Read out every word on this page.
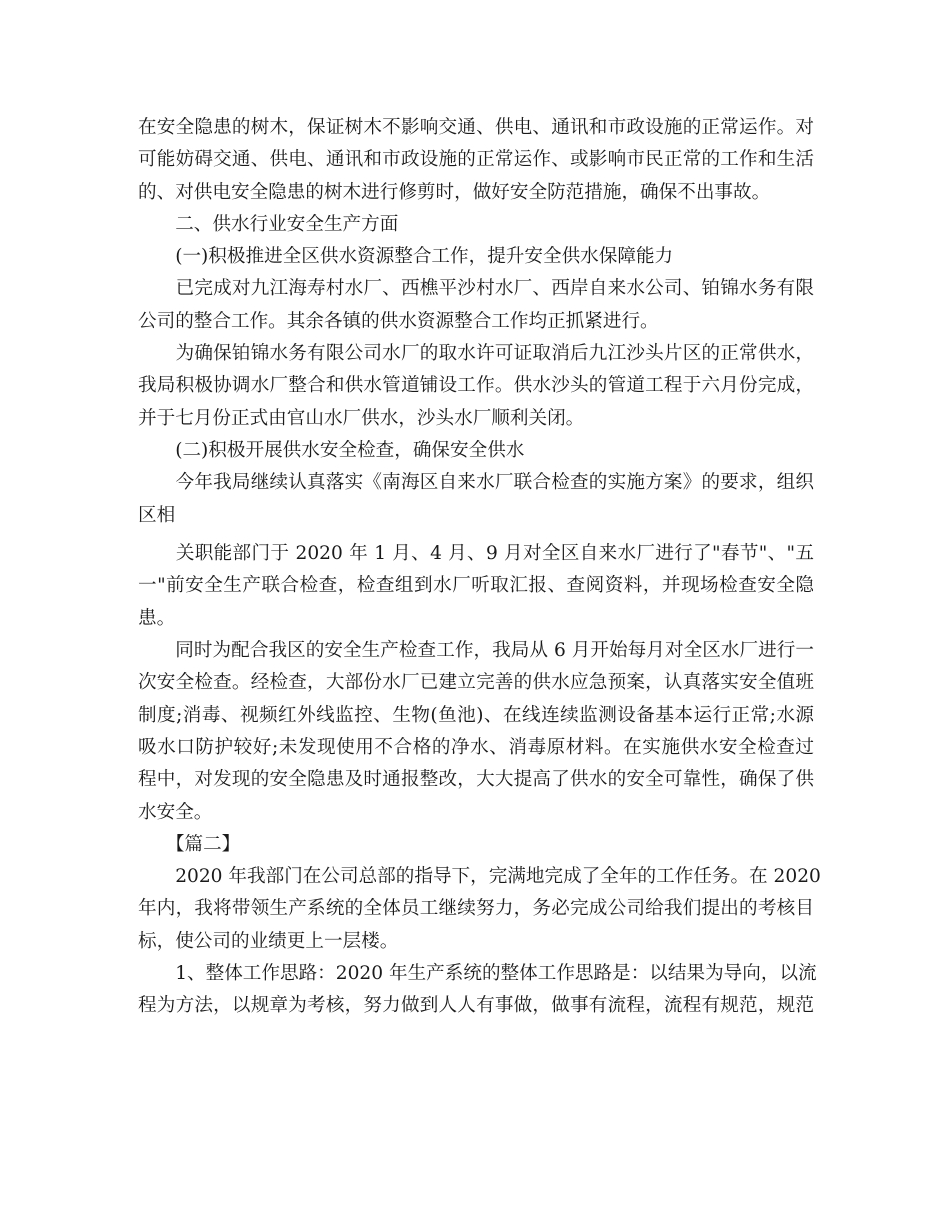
在安全隐患的树木，保证树木不影响交通、供电、通讯和市政设施的正常运作。对
可能妨碍交通、供电、通讯和市政设施的正常运作、或影响市民正常的工作和生活
的、对供电安全隐患的树木进行修剪时，做好安全防范措施，确保不出事故。
　　二、供水行业安全生产方面
　　(一)积极推进全区供水资源整合工作，提升安全供水保障能力
　　已完成对九江海寿村水厂、西樵平沙村水厂、西岸自来水公司、铂锦水务有限
公司的整合工作。其余各镇的供水资源整合工作均正抓紧进行。
　　为确保铂锦水务有限公司水厂的取水许可证取消后九江沙头片区的正常供水，
我局积极协调水厂整合和供水管道铺设工作。供水沙头的管道工程于六月份完成，
并于七月份正式由官山水厂供水，沙头水厂顺利关闭。
　　(二)积极开展供水安全检查，确保安全供水
　　今年我局继续认真落实《南海区自来水厂联合检查的实施方案》的要求，组织
区相
　　关职能部门于 2020 年 1 月、4 月、9 月对全区自来水厂进行了"春节"、"五
一"前安全生产联合检查，检查组到水厂听取汇报、查阅资料，并现场检查安全隐
患。
　　同时为配合我区的安全生产检查工作，我局从 6 月开始每月对全区水厂进行一
次安全检查。经检查，大部份水厂已建立完善的供水应急预案，认真落实安全值班
制度;消毒、视频红外线监控、生物(鱼池)、在线连续监测设备基本运行正常;水源
吸水口防护较好;未发现使用不合格的净水、消毒原材料。在实施供水安全检查过
程中，对发现的安全隐患及时通报整改，大大提高了供水的安全可靠性，确保了供
水安全。
　　【篇二】
　　2020 年我部门在公司总部的指导下，完满地完成了全年的工作任务。在 2020
年内，我将带领生产系统的全体员工继续努力，务必完成公司给我们提出的考核目
标，使公司的业绩更上一层楼。
　　1、整体工作思路：2020 年生产系统的整体工作思路是：以结果为导向，以流
程为方法，以规章为考核，努力做到人人有事做，做事有流程，流程有规范，规范
